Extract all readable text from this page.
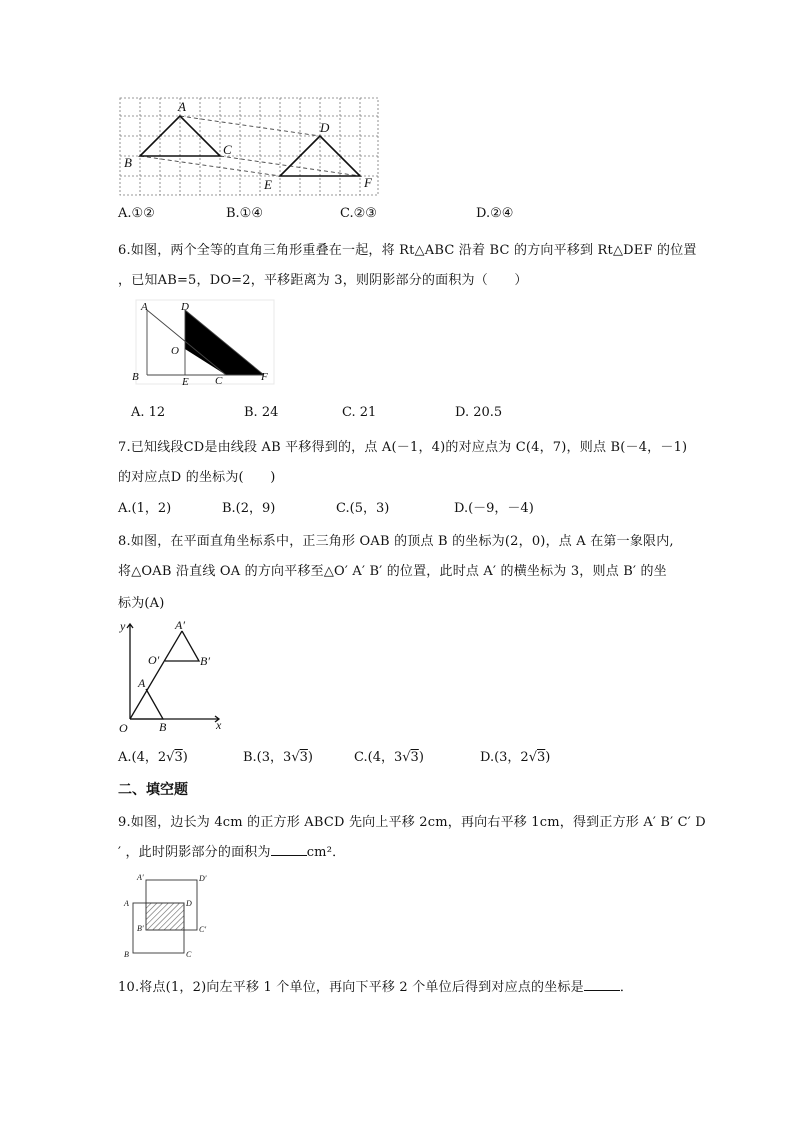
A
B
C
D
E	F
A.①②	B.①④	C.②③	D.②④
6.如图，两个全等的直角三角形重叠在一起，将 Rt△ABC 沿着 BC 的方向平移到 Rt△DEF 的位置
，已知AB=5，DO=2，平移距离为 3，则阴影部分的面积为（　　）
A	D
O
B	E C	F
A. 12	B. 24	C. 21	D. 20.5
7.已知线段CD是由线段 AB 平移得到的，点 A(－1，4)的对应点为 C(4，7)，则点 B(－4，－1)
的对应点D 的坐标为(　　)
A.(1，2)	B.(2，9)	C.(5，3)	D.(－9，－4)
8.如图，在平面直角坐标系中，正三角形 OAB 的顶点 B 的坐标为(2，0)，点 A 在第一象限内,
将△OAB 沿直线 OA 的方向平移至△O′ A′ B′ 的位置，此时点 A′ 的横坐标为 3，则点 B′ 的坐
标为(A)
y
x
O
A
B
A′
B′
O′
A.(4，2√3)	B.(3，3√3)	C.(4，3√3)	D.(3，2√3)
二、填空题
9.如图，边长为 4cm 的正方形 ABCD 先向上平移 2cm，再向右平移 1cm，得到正方形 A′ B′ C′ D
′ ，此时阴影部分的面积为	cm²．
A′	D′
A	D
B′	C′
B	C
10.将点(1，2)向左平移 1 个单位，再向下平移 2 个单位后得到对应点的坐标是	．
